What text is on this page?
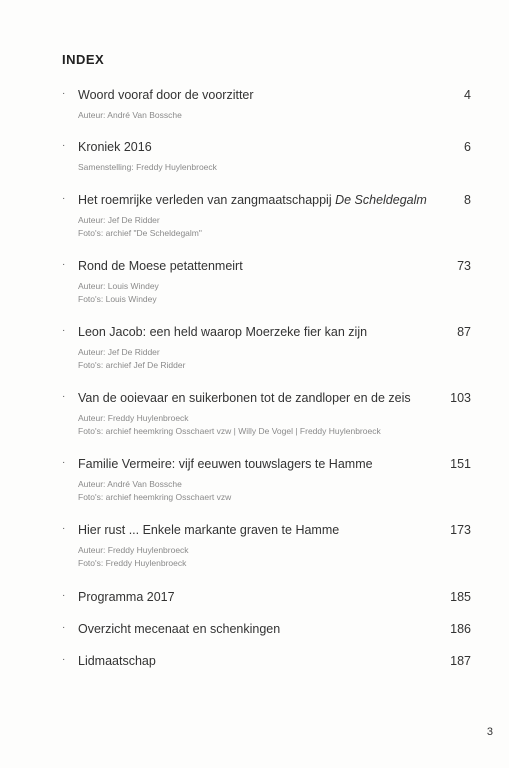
INDEX
· Woord vooraf door de voorzitter	4
Auteur: André Van Bossche
· Kroniek 2016	6
Samenstelling: Freddy Huylenbroeck
· Het roemrijke verleden van zangmaatschappij De Scheldegalm	8
Auteur: Jef De Ridder
Foto's: archief "De Scheldegalm"
· Rond de Moese petattenmeirt	73
Auteur: Louis Windey
Foto's: Louis Windey
· Leon Jacob: een held waarop Moerzeke fier kan zijn	87
Auteur: Jef De Ridder
Foto's: archief Jef De Ridder
· Van de ooievaar en suikerbonen tot de zandloper en de zeis	103
Auteur: Freddy Huylenbroeck
Foto's: archief heemkring Osschaert vzw | Willy De Vogel | Freddy Huylenbroeck
· Familie Vermeire: vijf eeuwen touwslagers te Hamme	151
Auteur: André Van Bossche
Foto's: archief heemkring Osschaert vzw
· Hier rust ... Enkele markante graven te Hamme	173
Auteur: Freddy Huylenbroeck
Foto's: Freddy Huylenbroeck
· Programma 2017	185
· Overzicht mecenaat en schenkingen	186
· Lidmaatschap	187
3
